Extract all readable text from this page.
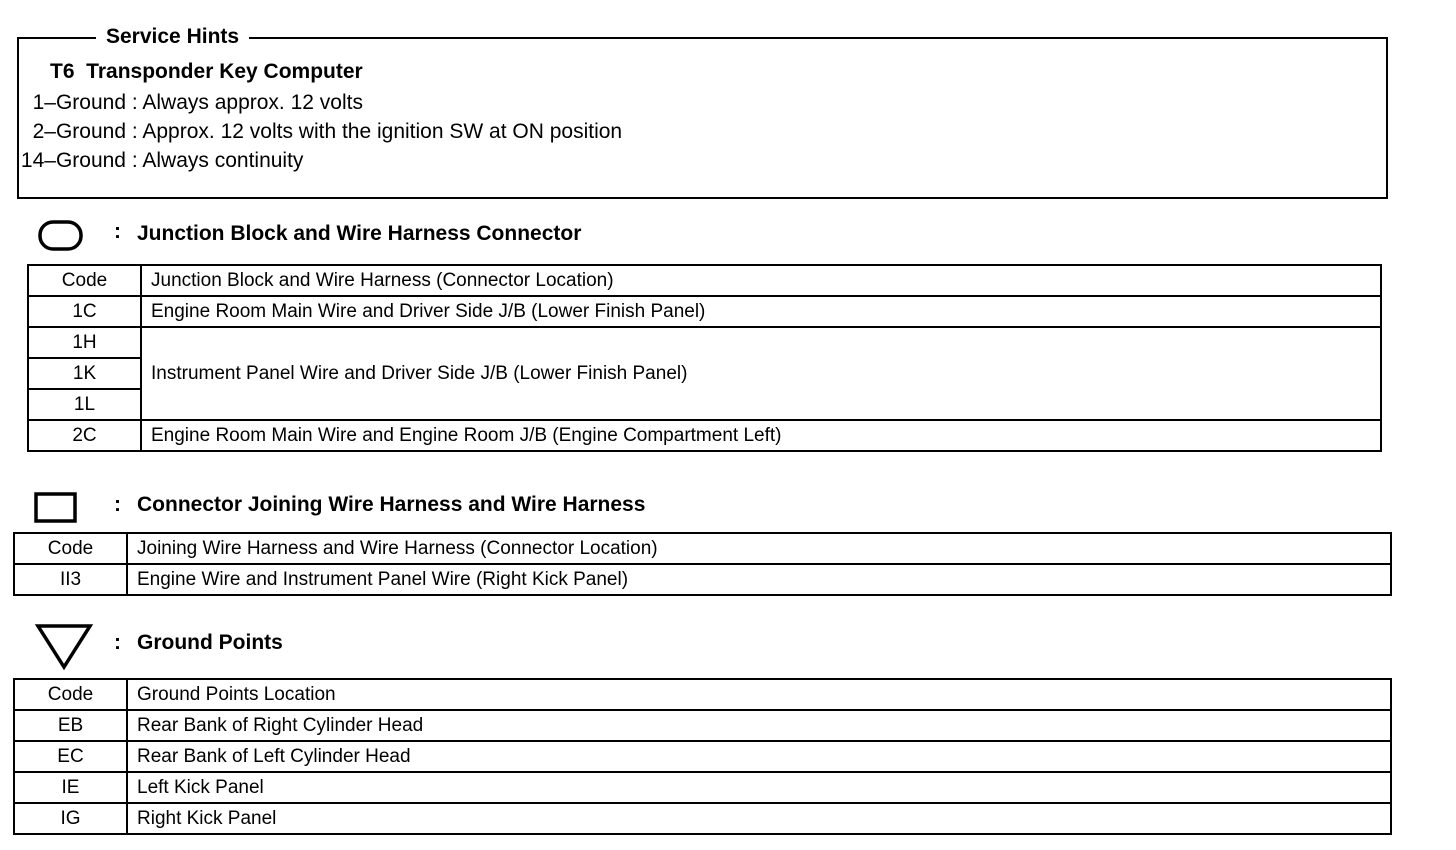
Service Hints
T6  Transponder Key Computer
1–Ground : Always approx. 12 volts
2–Ground : Approx. 12 volts with the ignition SW at ON position
14–Ground : Always continuity
: Junction Block and Wire Harness Connector
Code	Junction Block and Wire Harness (Connector Location)
1C	Engine Room Main Wire and Driver Side J/B (Lower Finish Panel)
1H	Instrument Panel Wire and Driver Side J/B (Lower Finish Panel)
1K	
1L	
2C	Engine Room Main Wire and Engine Room J/B (Engine Compartment Left)
: Connector Joining Wire Harness and Wire Harness
Code	Joining Wire Harness and Wire Harness (Connector Location)
II3	Engine Wire and Instrument Panel Wire (Right Kick Panel)
: Ground Points
Code	Ground Points Location
EB	Rear Bank of Right Cylinder Head
EC	Rear Bank of Left Cylinder Head
IE	Left Kick Panel
IG	Right Kick Panel
